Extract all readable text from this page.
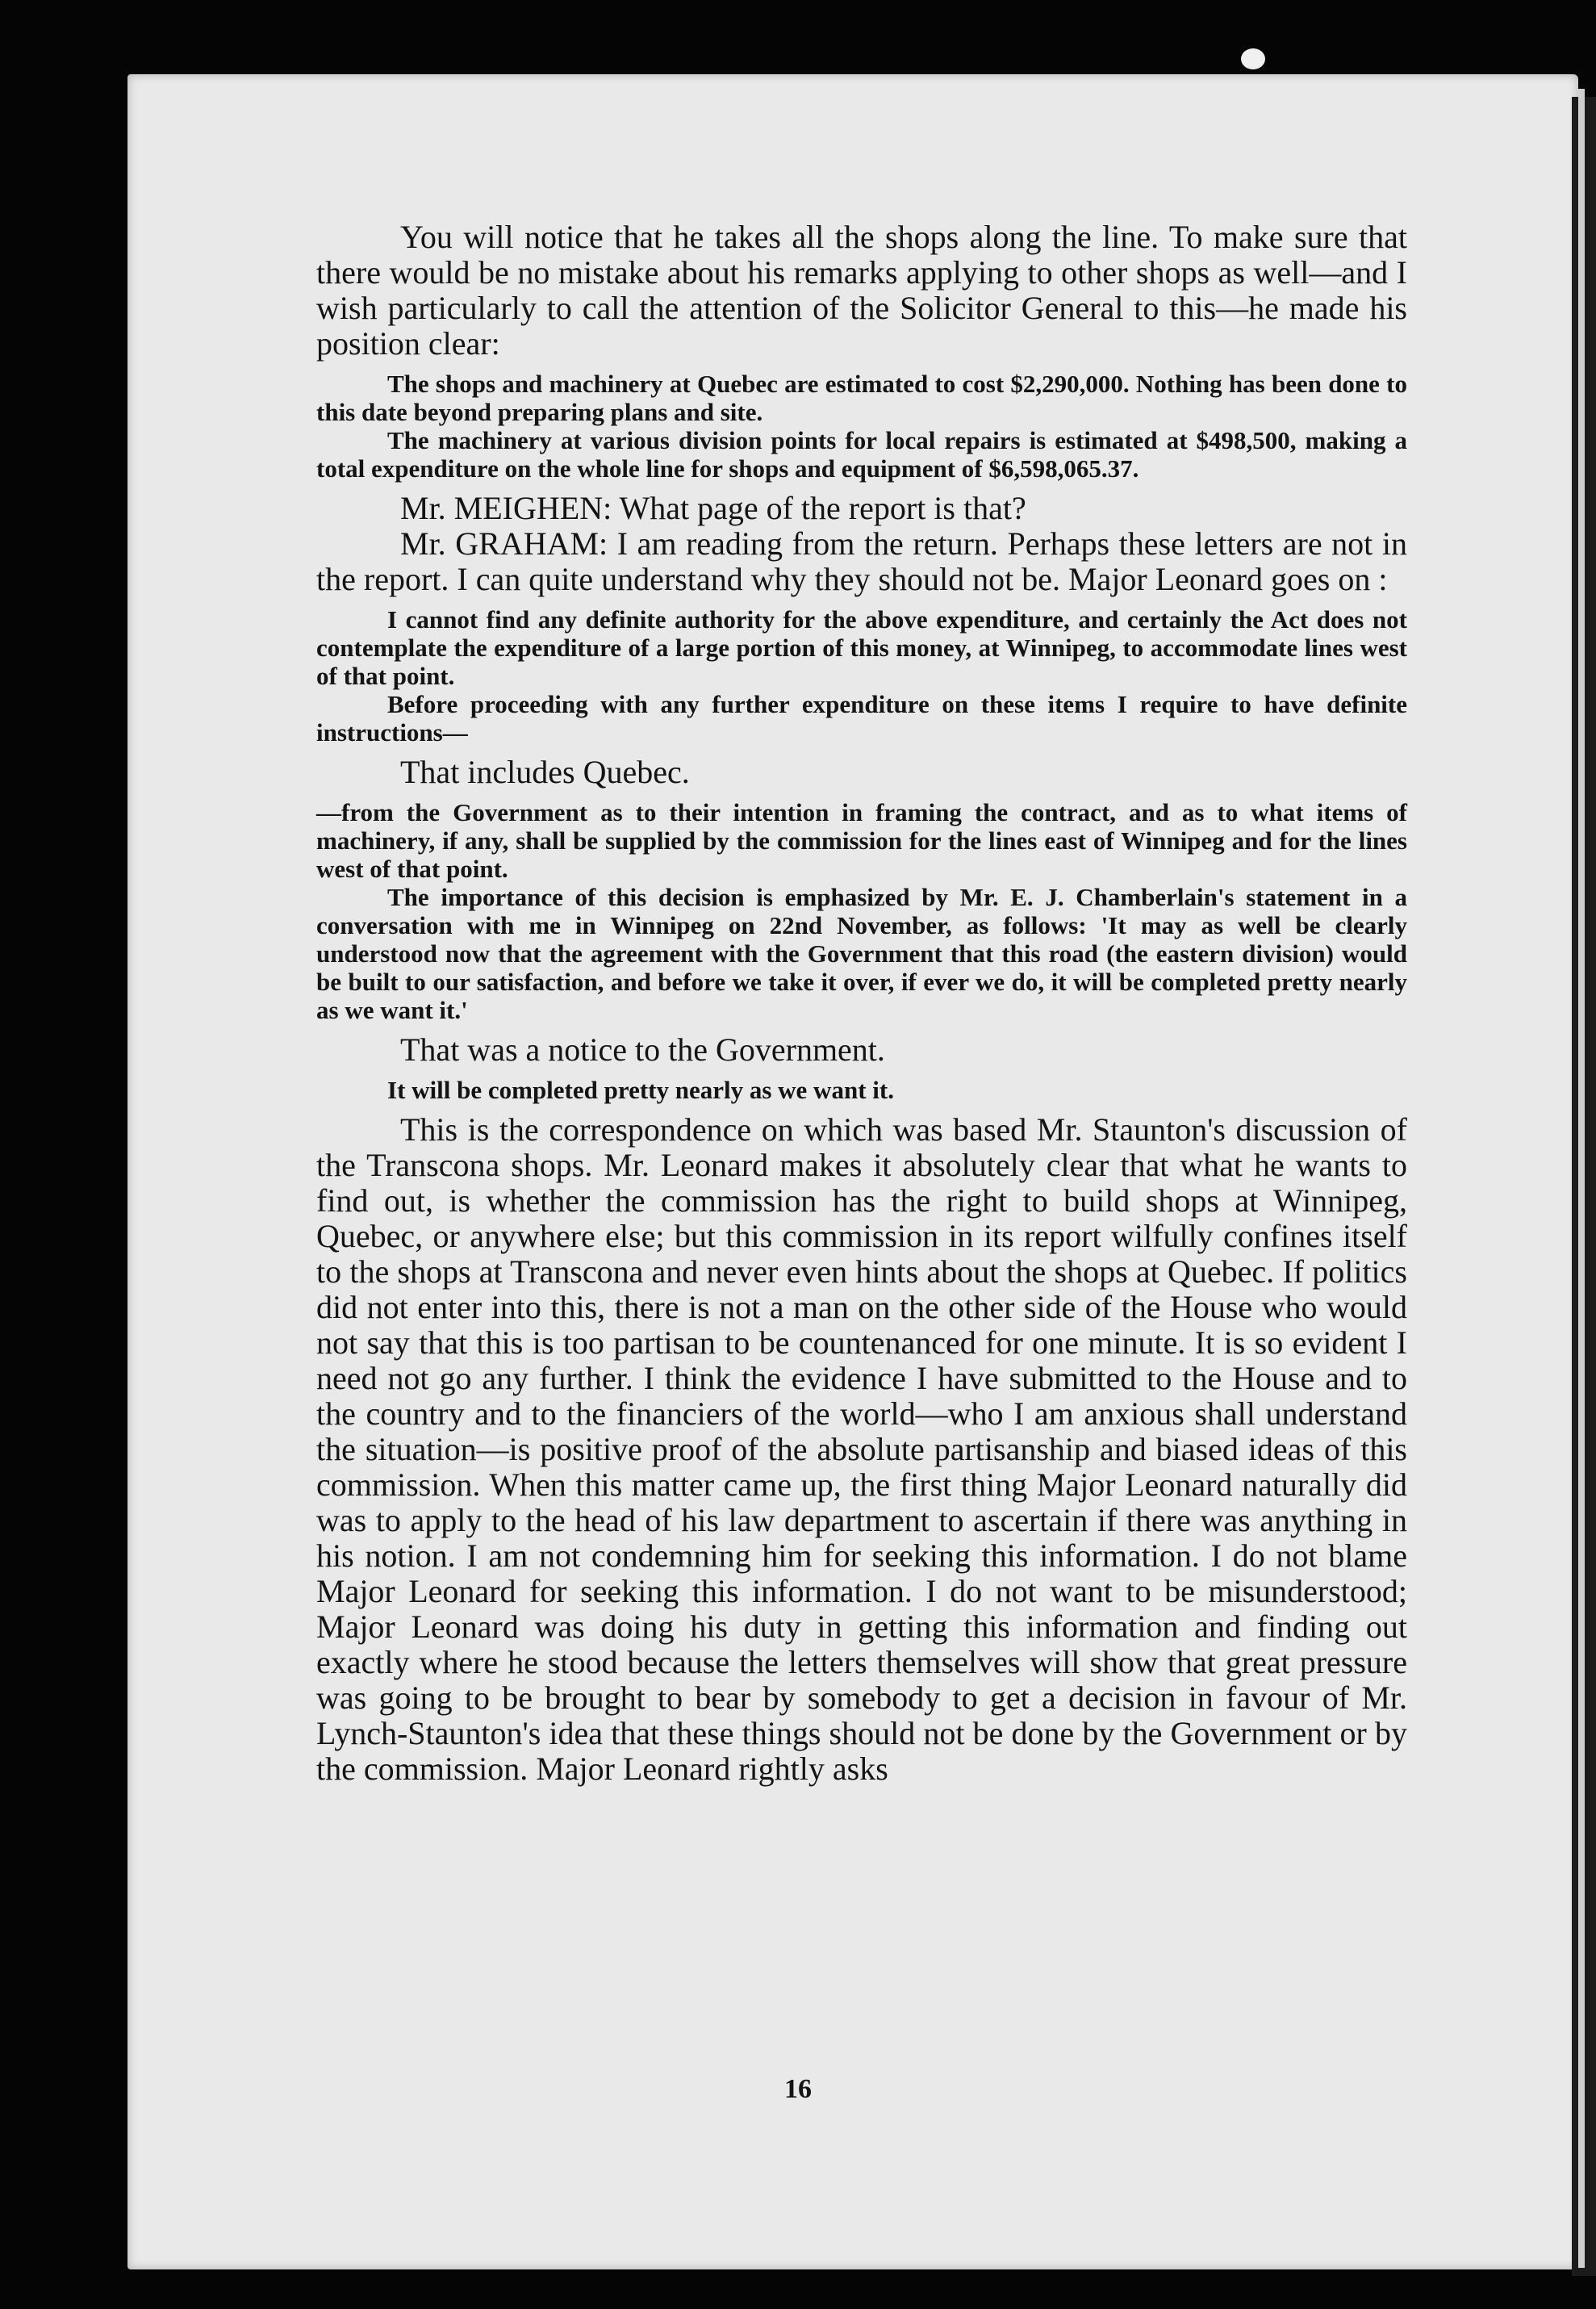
You will notice that he takes all the shops along the line. To make sure that there would be no mistake about his remarks applying to other shops as well—and I wish particularly to call the attention of the Solicitor General to this—he made his position clear:

The shops and machinery at Quebec are estimated to cost $2,290,000. Nothing has been done to this date beyond preparing plans and site.

The machinery at various division points for local repairs is estimated at $498,500, making a total expenditure on the whole line for shops and equipment of $6,598,065.37.

Mr. MEIGHEN: What page of the report is that?

Mr. GRAHAM: I am reading from the return. Perhaps these letters are not in the report. I can quite understand why they should not be. Major Leonard goes on :

I cannot find any definite authority for the above expenditure, and certainly the Act does not contemplate the expenditure of a large portion of this money, at Winnipeg, to accommodate lines west of that point.

Before proceeding with any further expenditure on these items I require to have definite instructions—

That includes Quebec.

—from the Government as to their intention in framing the contract, and as to what items of machinery, if any, shall be supplied by the commission for the lines east of Winnipeg and for the lines west of that point.

The importance of this decision is emphasized by Mr. E. J. Chamberlain's statement in a conversation with me in Winnipeg on 22nd November, as follows: 'It may as well be clearly understood now that the agreement with the Government that this road (the eastern division) would be built to our satisfaction, and before we take it over, if ever we do, it will be completed pretty nearly as we want it.'

That was a notice to the Government.

It will be completed pretty nearly as we want it.

This is the correspondence on which was based Mr. Staunton's discussion of the Transcona shops. Mr. Leonard makes it absolutely clear that what he wants to find out, is whether the commission has the right to build shops at Winnipeg, Quebec, or anywhere else; but this commission in its report wilfully confines itself to the shops at Transcona and never even hints about the shops at Quebec. If politics did not enter into this, there is not a man on the other side of the House who would not say that this is too partisan to be countenanced for one minute. It is so evident I need not go any further. I think the evidence I have submitted to the House and to the country and to the financiers of the world—who I am anxious shall understand the situation—is positive proof of the absolute partisanship and biased ideas of this commission. When this matter came up, the first thing Major Leonard naturally did was to apply to the head of his law department to ascertain if there was anything in his notion. I am not condemning him for seeking this information. I do not blame Major Leonard for seeking this information. I do not want to be misunderstood; Major Leonard was doing his duty in getting this information and finding out exactly where he stood because the letters themselves will show that great pressure was going to be brought to bear by somebody to get a decision in favour of Mr. Lynch-Staunton's idea that these things should not be done by the Government or by the commission. Major Leonard rightly asks

16
